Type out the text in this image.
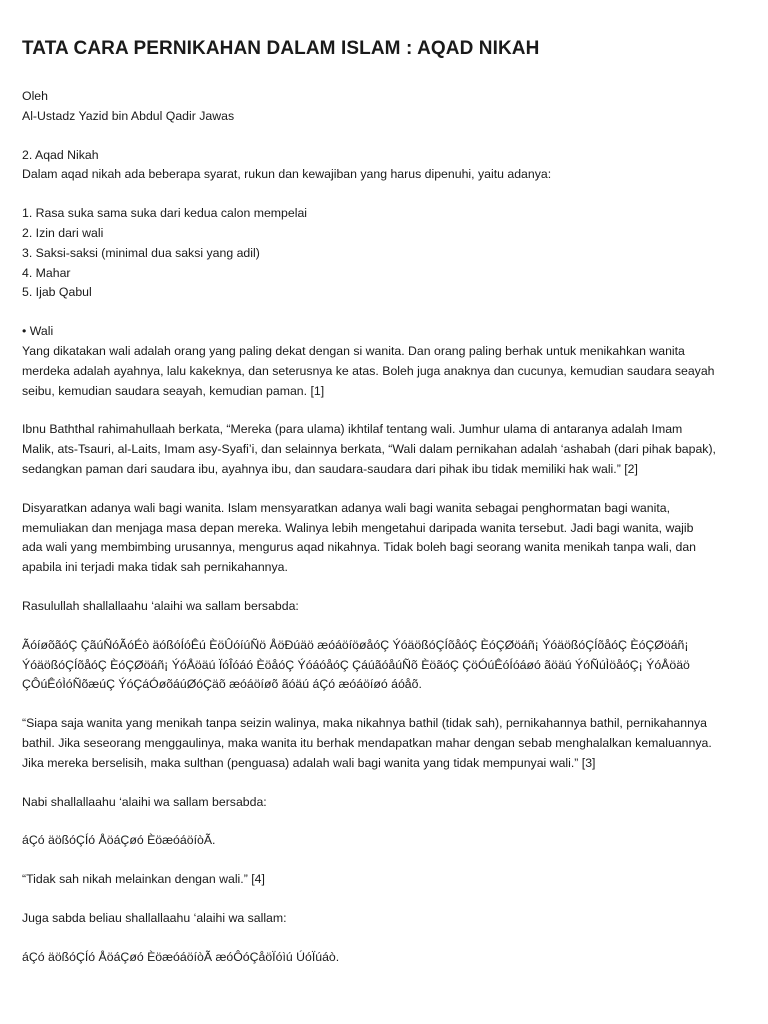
TATA CARA PERNIKAHAN DALAM ISLAM : AQAD NIKAH
Oleh
Al-Ustadz Yazid bin Abdul Qadir Jawas
2. Aqad Nikah
Dalam aqad nikah ada beberapa syarat, rukun dan kewajiban yang harus dipenuhi, yaitu adanya:
1. Rasa suka sama suka dari kedua calon mempelai
2. Izin dari wali
3. Saksi-saksi (minimal dua saksi yang adil)
4. Mahar
5. Ijab Qabul
• Wali
Yang dikatakan wali adalah orang yang paling dekat dengan si wanita. Dan orang paling berhak untuk menikahkan wanita
merdeka adalah ayahnya, lalu kakeknya, dan seterusnya ke atas. Boleh juga anaknya dan cucunya, kemudian saudara seayah
seibu, kemudian saudara seayah, kemudian paman. [1]
Ibnu Baththal rahimahullaah berkata, “Mereka (para ulama) ikhtilaf tentang wali. Jumhur ulama di antaranya adalah Imam
Malik, ats-Tsauri, al-Laits, Imam asy-Syafi’i, dan selainnya berkata, “Wali dalam pernikahan adalah ‘ashabah (dari pihak bapak),
sedangkan paman dari saudara ibu, ayahnya ibu, dan saudara-saudara dari pihak ibu tidak memiliki hak wali.” [2]
Disyaratkan adanya wali bagi wanita. Islam mensyaratkan adanya wali bagi wanita sebagai penghormatan bagi wanita,
memuliakan dan menjaga masa depan mereka. Walinya lebih mengetahui daripada wanita tersebut. Jadi bagi wanita, wajib
ada wali yang membimbing urusannya, mengurus aqad nikahnya. Tidak boleh bagi seorang wanita menikah tanpa wali, dan
apabila ini terjadi maka tidak sah pernikahannya.
Rasulullah shallallaahu ‘alaihi wa sallam bersabda:
ÃóíøõãóÇ ÇãúÑóÃóÉò äóßóÍóÊú ÈöÛóíúÑö ÅöÐúäö æóáöíöøåóÇ ÝóäößóÇÍõåóÇ ÈóÇØöáñ¡ ÝóäößóÇÍõåóÇ ÈóÇØöáñ¡
ÝóäößóÇÍõåóÇ ÈóÇØöáñ¡ ÝóÅöäú ÏóÎóáó ÈöåóÇ ÝóáóåóÇ ÇáúãóåúÑõ ÈöãóÇ ÇöÓúÊóÍóáøó ãöäú ÝóÑúÌöåóÇ¡ ÝóÅöäö
ÇÔúÊóÌóÑõæúÇ ÝóÇáÓøõáúØóÇäõ æóáöíøõ ãóäú áÇó æóáöíøó áóåõ.
“Siapa saja wanita yang menikah tanpa seizin walinya, maka nikahnya bathil (tidak sah), pernikahannya bathil, pernikahannya
bathil. Jika seseorang menggaulinya, maka wanita itu berhak mendapatkan mahar dengan sebab menghalalkan kemaluannya.
Jika mereka berselisih, maka sulthan (penguasa) adalah wali bagi wanita yang tidak mempunyai wali.” [3]
Nabi shallallaahu ‘alaihi wa sallam bersabda:
áÇó äößóÇÍó ÅöáÇøó ÈöæóáöíòÃ.
“Tidak sah nikah melainkan dengan wali.” [4]
Juga sabda beliau shallallaahu ‘alaihi wa sallam:
áÇó äößóÇÍó ÅöáÇøó ÈöæóáöíòÃ æóÔóÇåöÏóìú ÚóÏúáò.
